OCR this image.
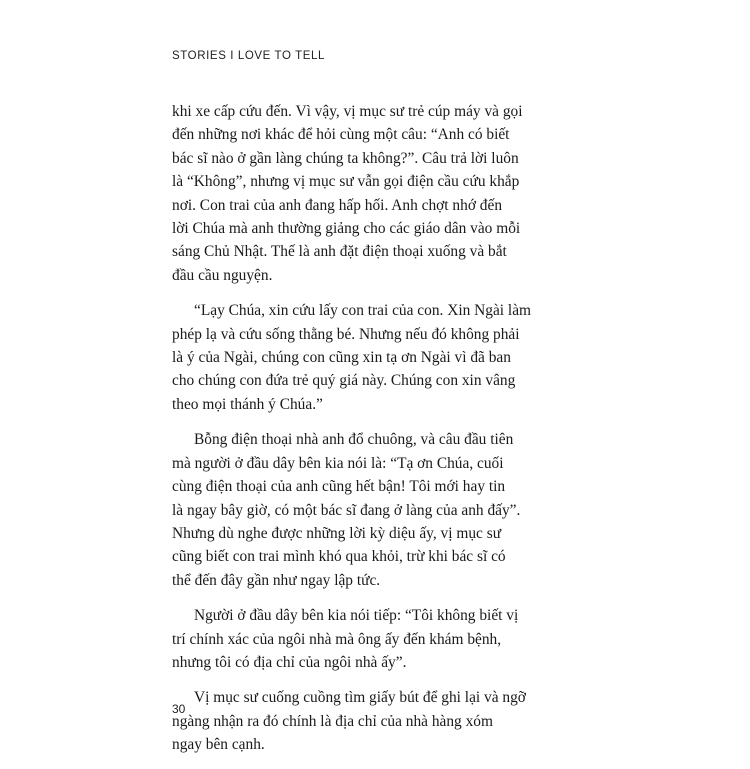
STORIES I LOVE TO TELL

khi xe cấp cứu đến. Vì vậy, vị mục sư trẻ cúp máy và gọi
đến những nơi khác để hỏi cùng một câu: “Anh có biết
bác sĩ nào ở gần làng chúng ta không?”. Câu trả lời luôn
là “Không”, nhưng vị mục sư vẫn gọi điện cầu cứu khắp
nơi. Con trai của anh đang hấp hối. Anh chợt nhớ đến
lời Chúa mà anh thường giảng cho các giáo dân vào mỗi
sáng Chủ Nhật. Thế là anh đặt điện thoại xuống và bắt
đầu cầu nguyện.

“Lạy Chúa, xin cứu lấy con trai của con. Xin Ngài làm
phép lạ và cứu sống thằng bé. Nhưng nếu đó không phải
là ý của Ngài, chúng con cũng xin tạ ơn Ngài vì đã ban
cho chúng con đứa trẻ quý giá này. Chúng con xin vâng
theo mọi thánh ý Chúa.”

Bỗng điện thoại nhà anh đổ chuông, và câu đầu tiên
mà người ở đầu dây bên kia nói là: “Tạ ơn Chúa, cuối
cùng điện thoại của anh cũng hết bận! Tôi mới hay tin
là ngay bây giờ, có một bác sĩ đang ở làng của anh đấy”.
Nhưng dù nghe được những lời kỳ diệu ấy, vị mục sư
cũng biết con trai mình khó qua khỏi, trừ khi bác sĩ có
thể đến đây gần như ngay lập tức.

Người ở đầu dây bên kia nói tiếp: “Tôi không biết vị
trí chính xác của ngôi nhà mà ông ấy đến khám bệnh,
nhưng tôi có địa chỉ của ngôi nhà ấy”.

Vị mục sư cuống cuồng tìm giấy bút để ghi lại và ngỡ
ngàng nhận ra đó chính là địa chỉ của nhà hàng xóm
ngay bên cạnh.

30
